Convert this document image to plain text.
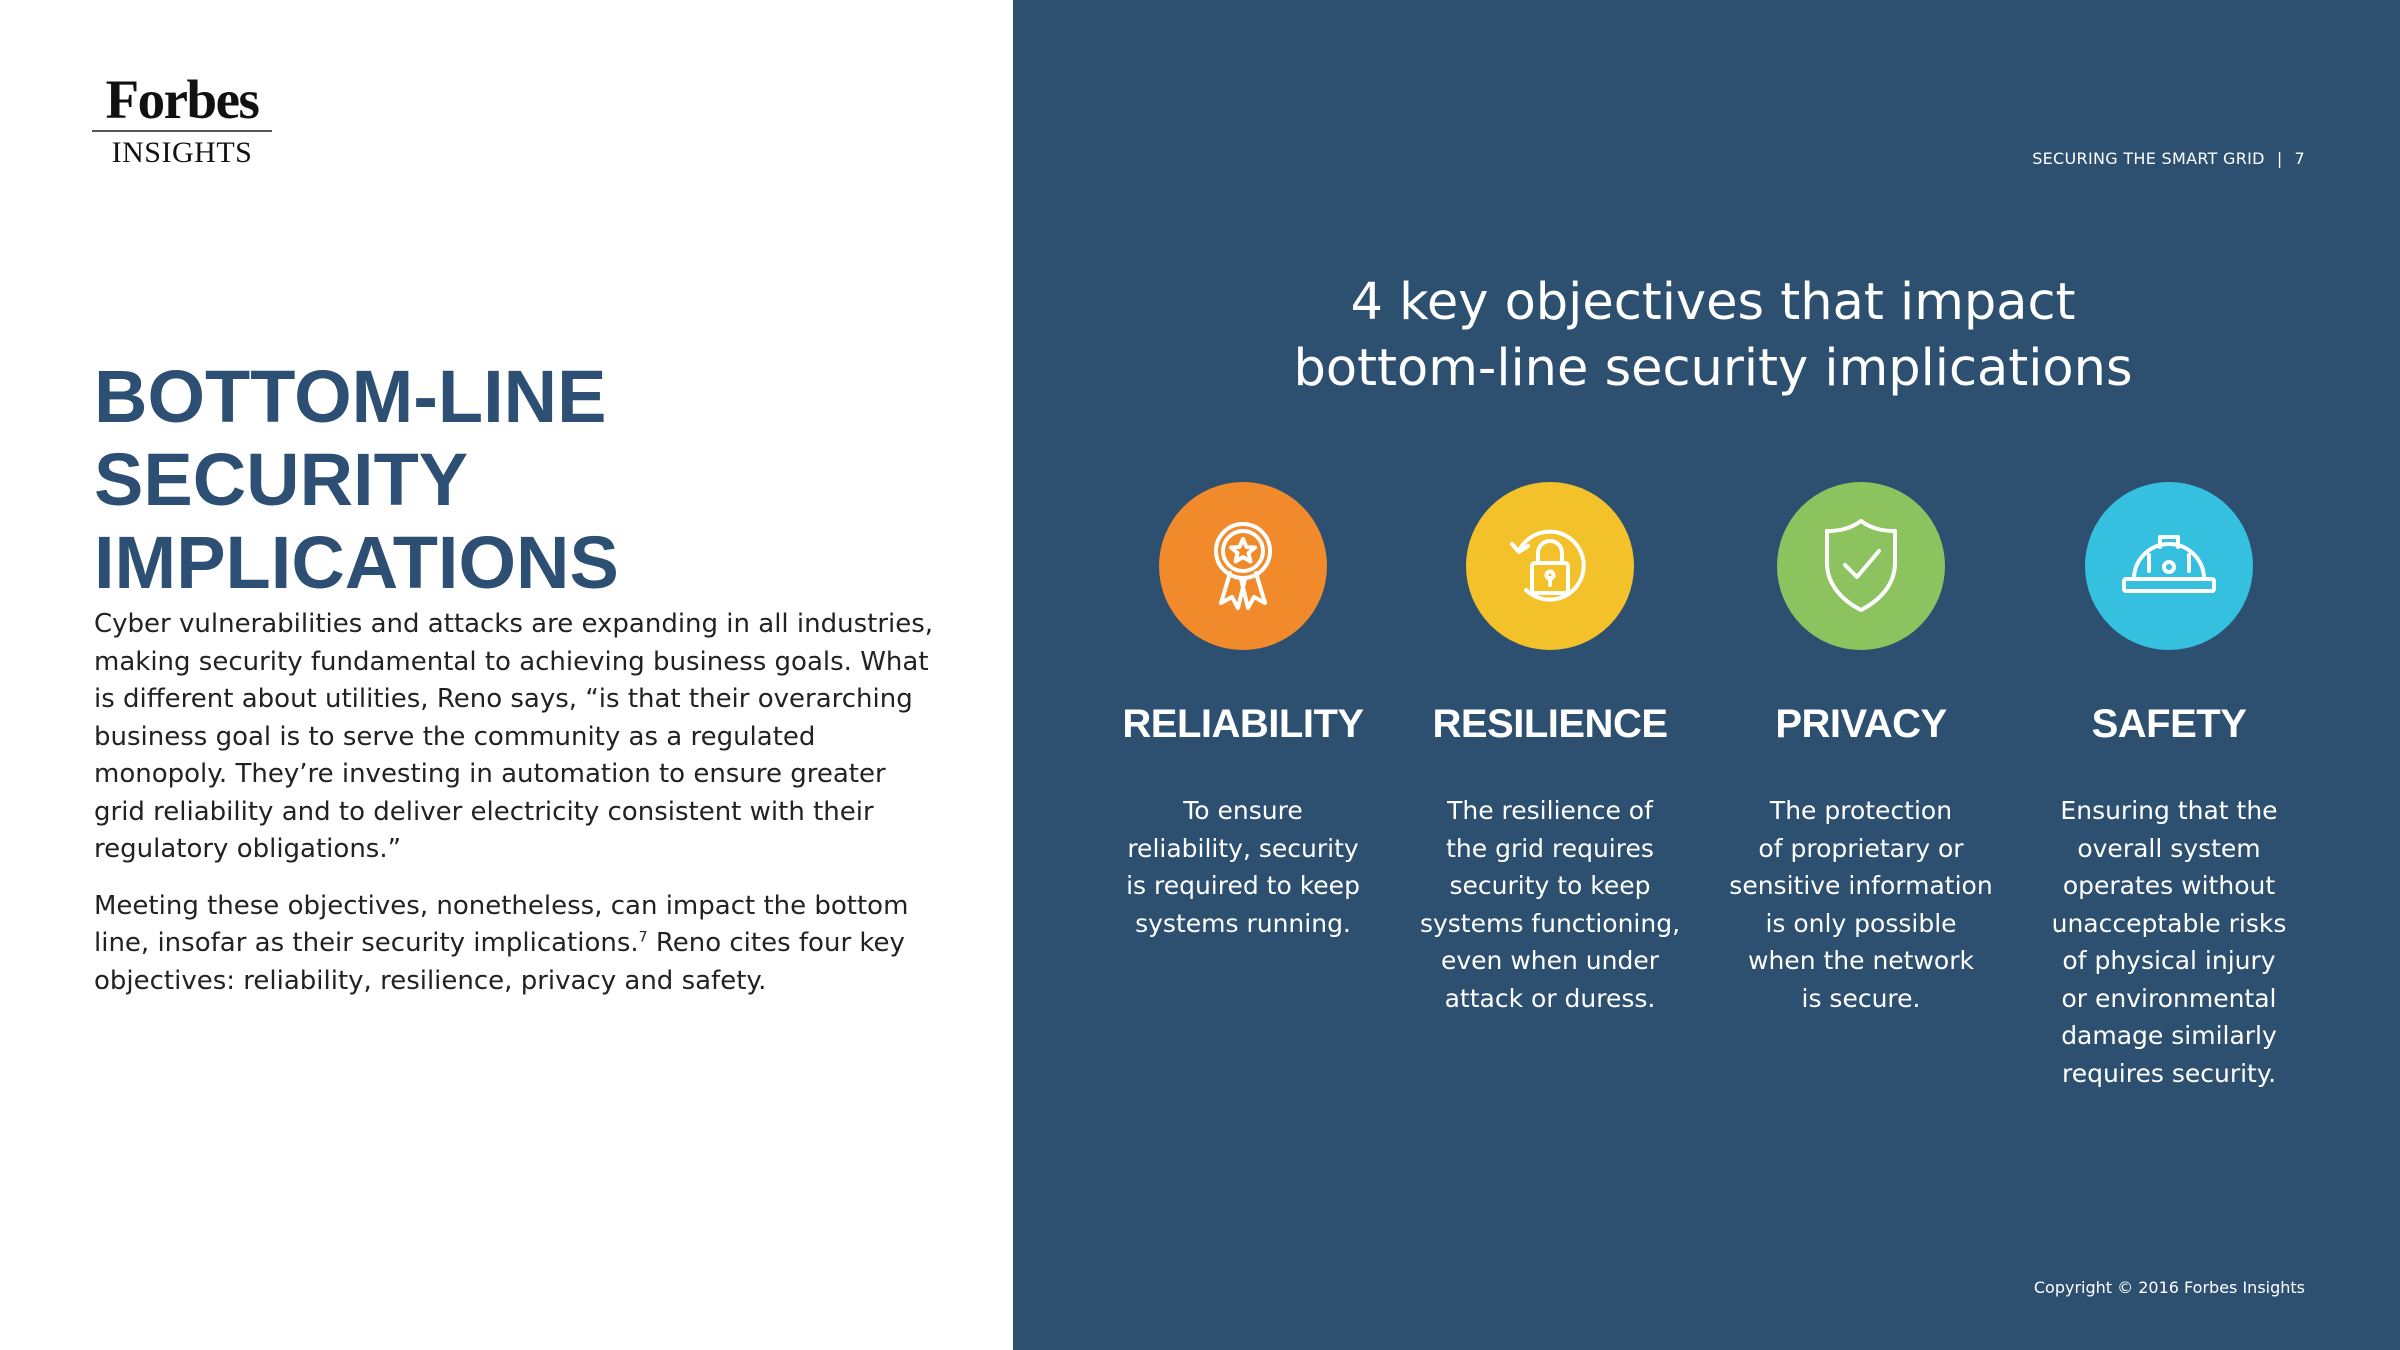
Forbes
INSIGHTS
BOTTOM-LINE
SECURITY IMPLICATIONS

Cyber vulnerabilities and attacks are expanding in all industries, making security fundamental to achieving business goals. What is different about utilities, Reno says, “is that their overarching business goal is to serve the community as a regulated monopoly. They’re investing in automation to ensure greater grid reliability and to deliver electricity consistent with their regulatory obligations.”

Meeting these objectives, nonetheless, can impact the bottom line, insofar as their security implications.$^7$ Reno cites four key objectives: reliability, resilience, privacy and safety.

SECURING THE SMART GRID | 7
4 key objectives that impact
bottom-line security implications
RELIABILITY
To ensure
reliability, security
is required to keep
systems running.
RESILIENCE
The resilience of
the grid requires
security to keep
systems functioning,
even when under
attack or duress.
PRIVACY
The protection
of proprietary or
sensitive information
is only possible
when the network
is secure.
SAFETY
Ensuring that the
overall system
operates without
unacceptable risks
of physical injury
or environmental
damage similarly
requires security.
Copyright © 2016 Forbes Insights
